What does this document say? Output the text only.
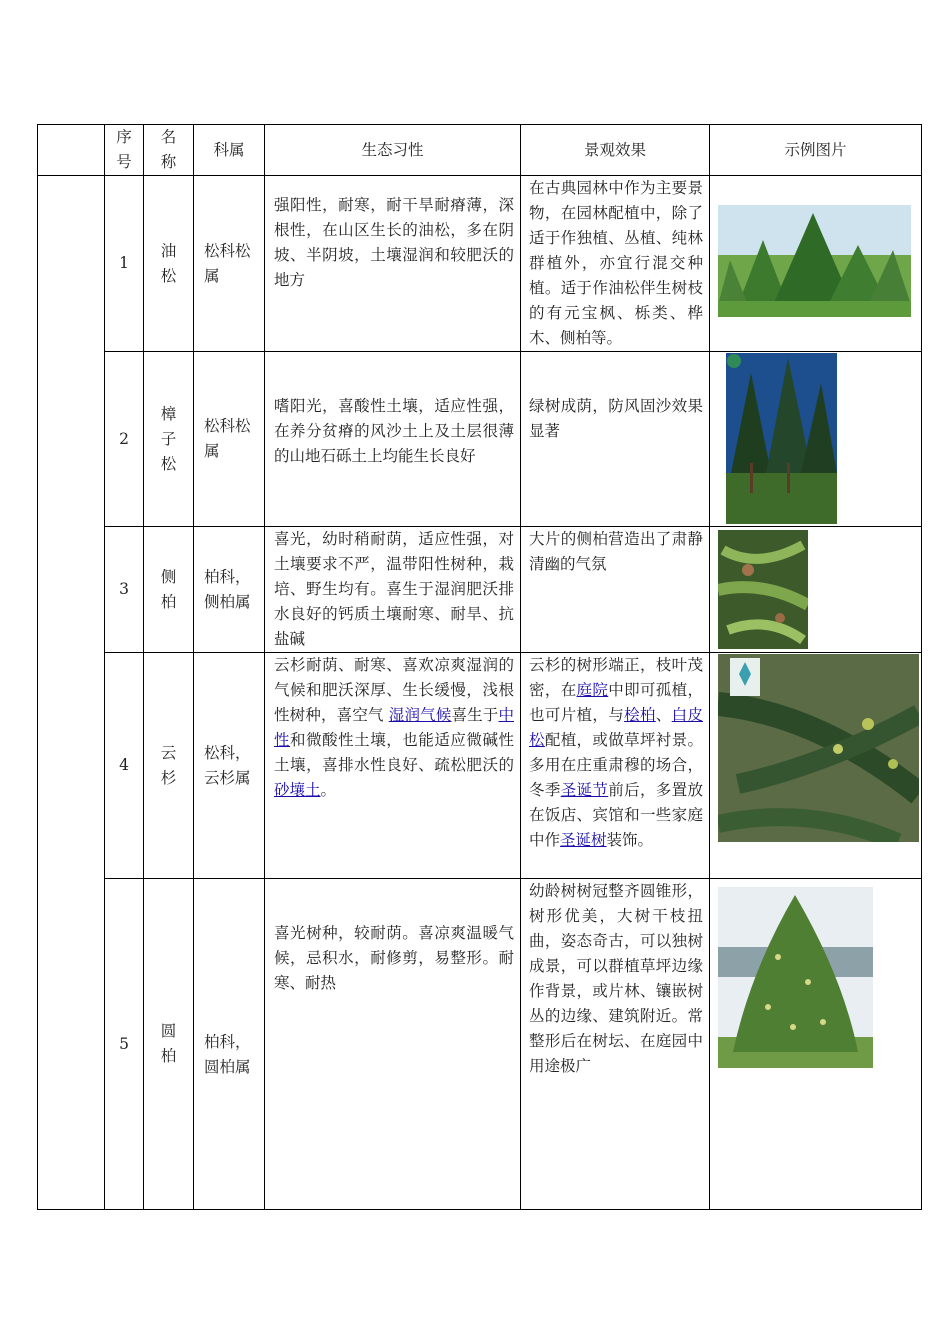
	序号	名称	科属	生态习性	景观效果	示例图片
	1	油松	松科松属	强阳性，耐寒，耐干旱耐瘠薄，深根性，在山区生长的油松，多在阴坡、半阴坡，土壤湿润和较肥沃的地方	在古典园林中作为主要景物，在园林配植中，除了适于作独植、丛植、纯林群植外，亦宜行混交种植。适于作油松伴生树枝的有元宝枫、栎类、桦木、侧柏等。

	2	樟子松	松科松属	嗜阳光，喜酸性土壤，适应性强，在养分贫瘠的风沙土上及土层很薄的山地石砾土上均能生长良好	绿树成荫，防风固沙效果显著

	3	侧柏	柏科，侧柏属	喜光，幼时稍耐荫，适应性强，对土壤要求不严，温带阳性树种，栽培、野生均有。喜生于湿润肥沃排水良好的钙质土壤耐寒、耐旱、抗盐碱	大片的侧柏营造出了肃静清幽的气氛

	4	云杉	松科，云杉属	云杉耐荫、耐寒、喜欢凉爽湿润的气候和肥沃深厚、生长缓慢，浅根性树种，喜空气 湿润气候喜生于中性和微酸性土壤，也能适应微碱性土壤，喜排水性良好、疏松肥沃的砂壤土。	云杉的树形端正，枝叶茂密，在庭院中即可孤植，也可片植，与桧柏、白皮松配植，或做草坪衬景。多用在庄重肃穆的场合，冬季圣诞节前后，多置放在饭店、宾馆和一些家庭中作圣诞树装饰。

	5	圆柏	柏科，圆柏属	喜光树种，较耐荫。喜凉爽温暖气候，忌积水，耐修剪，易整形。耐寒、耐热	幼龄树树冠整齐圆锥形，树形优美，大树干枝扭曲，姿态奇古，可以独树成景，可以群植草坪边缘作背景，或片林、镶嵌树丛的边缘、建筑附近。常整形后在树坛、在庭园中用途极广
